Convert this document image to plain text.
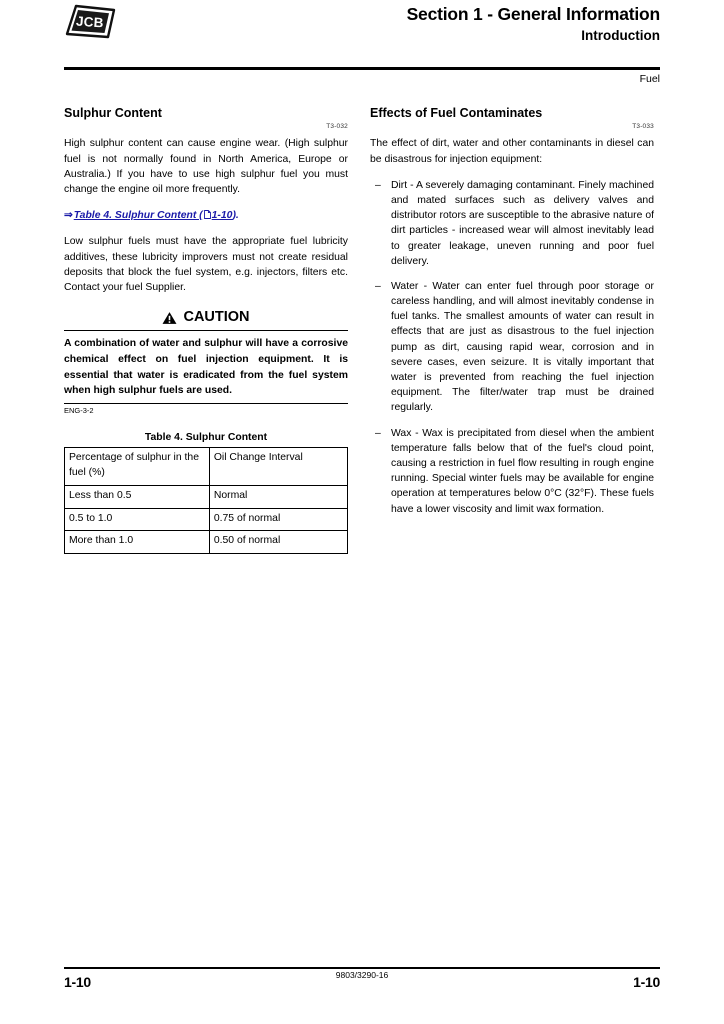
JCB	Section 1 - General Information
Introduction
Fuel
Sulphur Content
T3-032

High sulphur content can cause engine wear. (High sulphur fuel is not normally found in North America, Europe or Australia.) If you have to use high sulphur fuel you must change the engine oil more frequently.

⇒Table 4. Sulphur Content ( 1-10).

Low sulphur fuels must have the appropriate fuel lubricity additives, these lubricity improvers must not create residual deposits that block the fuel system, e.g. injectors, filters etc. Contact your fuel Supplier.

CAUTION

A combination of water and sulphur will have a corrosive chemical effect on fuel injection equipment. It is essential that water is eradicated from the fuel system when high sulphur fuels are used.

ENG-3-2
Table 4. Sulphur Content
Percentage of sulphur in the fuel (%)	Oil Change Interval
Less than 0.5	Normal
0.5 to 1.0	0.75 of normal
More than 1.0	0.50 of normal
Effects of Fuel Contaminates
T3-033

The effect of dirt, water and other contaminants in diesel can be disastrous for injection equipment:

– Dirt - A severely damaging contaminant. Finely machined and mated surfaces such as delivery valves and distributor rotors are susceptible to the abrasive nature of dirt particles - increased wear will almost inevitably lead to greater leakage, uneven running and poor fuel delivery.
– Water - Water can enter fuel through poor storage or careless handling, and will almost inevitably condense in fuel tanks. The smallest amounts of water can result in effects that are just as disastrous to the fuel injection pump as dirt, causing rapid wear, corrosion and in severe cases, even seizure. It is vitally important that water is prevented from reaching the fuel injection equipment. The filter/water trap must be drained regularly.
– Wax - Wax is precipitated from diesel when the ambient temperature falls below that of the fuel's cloud point, causing a restriction in fuel flow resulting in rough engine running. Special winter fuels may be available for engine operation at temperatures below 0°C (32°F). These fuels have a lower viscosity and limit wax formation.
1-10	9803/3290-16	1-10
